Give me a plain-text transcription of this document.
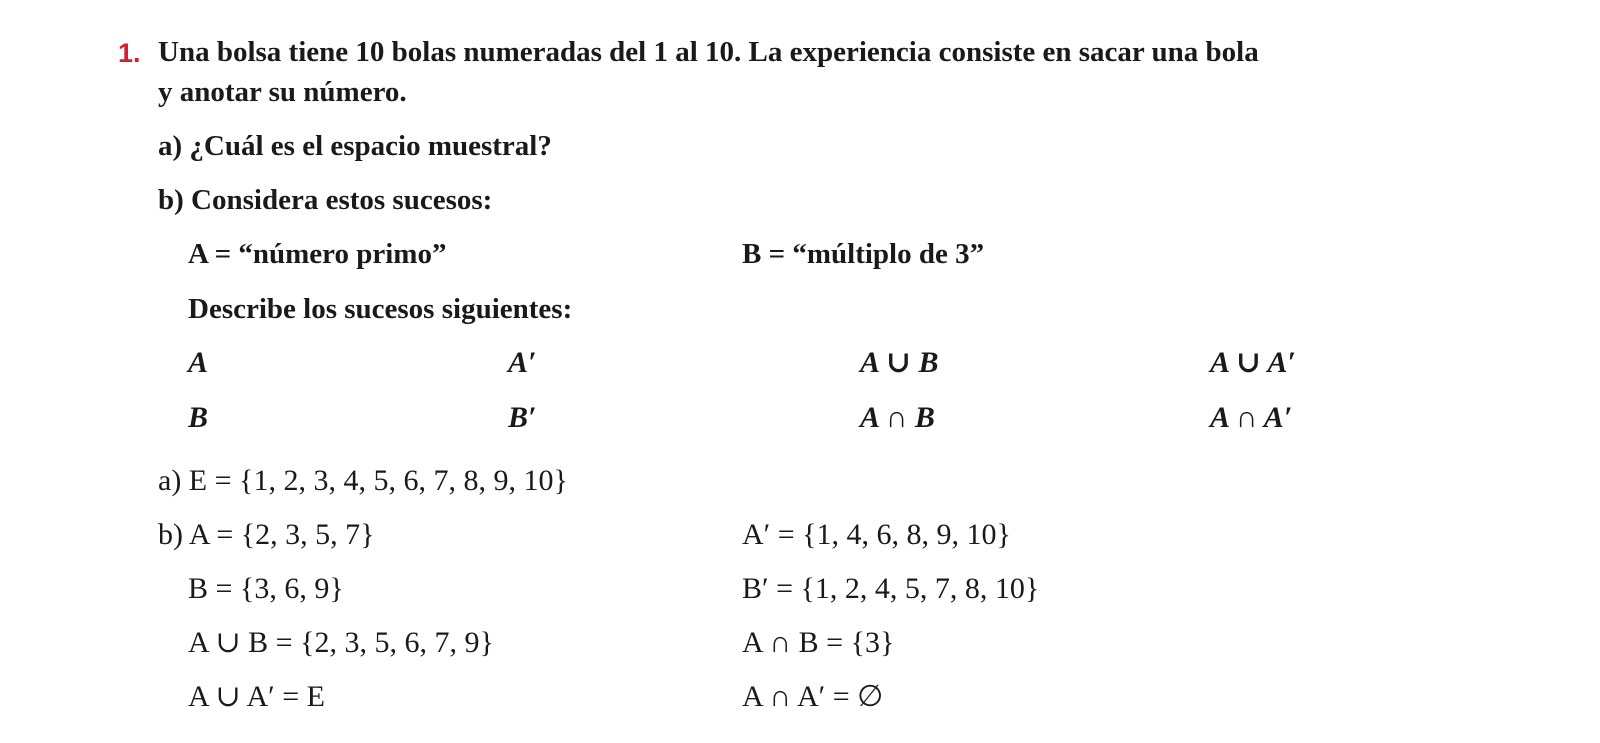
1. Una bolsa tiene 10 bolas numeradas del 1 al 10. La experiencia consiste en sacar una bola
y anotar su número.
a) ¿Cuál es el espacio muestral?
b) Considera estos sucesos:
A = “número primo”	B = “múltiplo de 3”
Describe los sucesos siguientes:
A	A′	A ∪ B	A ∪ A′
B	B′	A ∩ B	A ∩ A′
a) E = {1, 2, 3, 4, 5, 6, 7, 8, 9, 10}
b) A = {2, 3, 5, 7}	A′ = {1, 4, 6, 8, 9, 10}
B = {3, 6, 9}	B′ = {1, 2, 4, 5, 7, 8, 10}
A ∪ B = {2, 3, 5, 6, 7, 9}	A ∩ B = {3}
A ∪ A′ = E	A ∩ A′ = ∅
